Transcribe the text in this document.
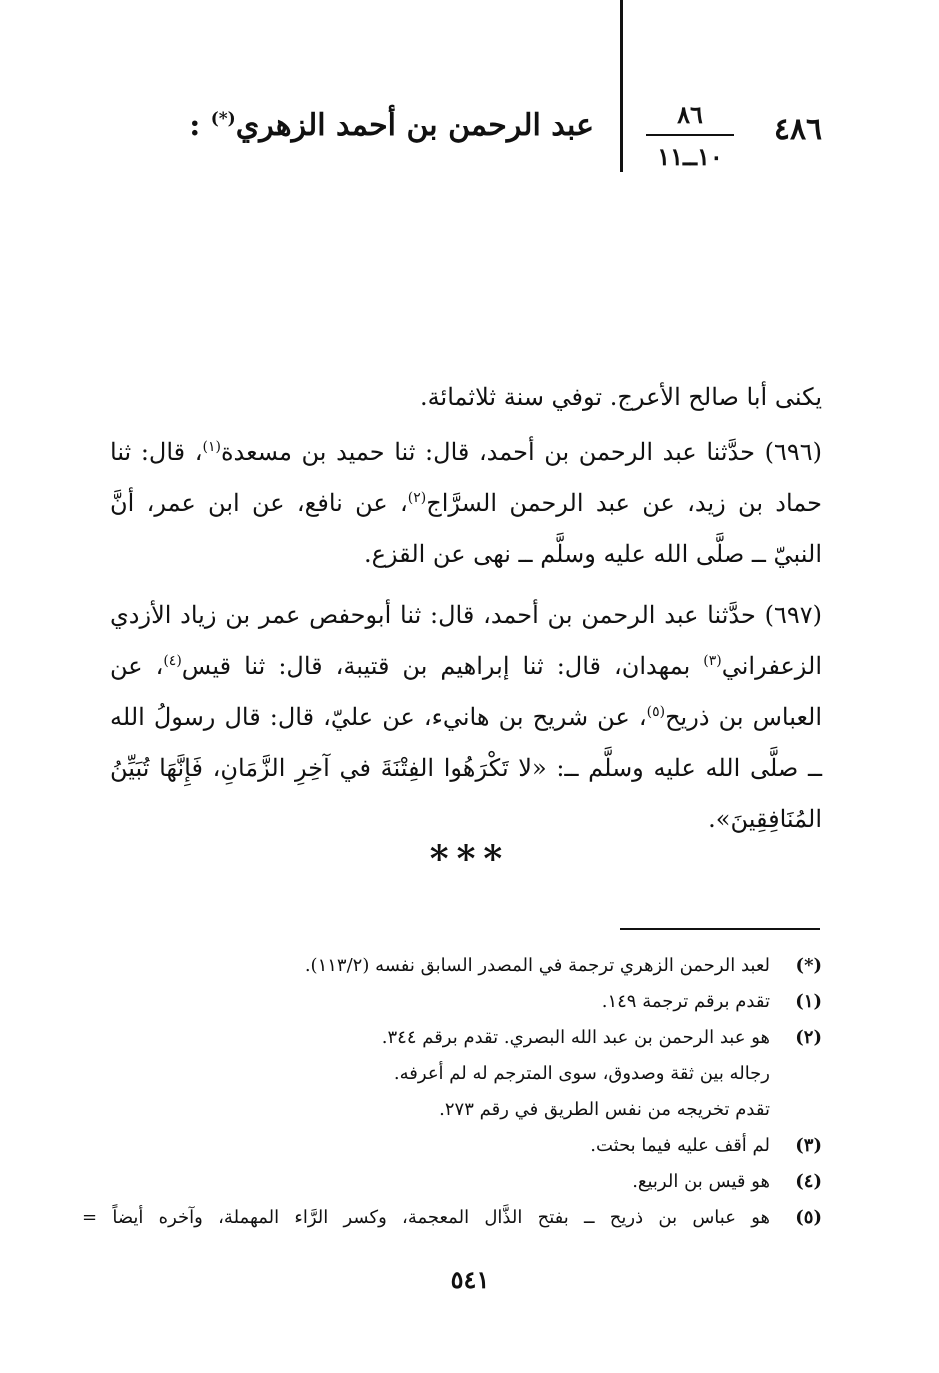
٤٨٦
٨٦
١٠ــ١١
عبد الرحمن بن أحمد الزهري(*) :

يكنى أبا صالح الأعرج. توفي سنة ثلاثمائة.

(٦٩٦) حدَّثنا عبد الرحمن بن أحمد، قال: ثنا حميد بن مسعدة$^{(١)}$، قال: ثنا حماد بن زيد، عن عبد الرحمن السرَّاج$^{(٢)}$، عن نافع، عن ابن عمر، أنَّ النبيّ ــ صلَّى الله عليه وسلَّم ــ نهى عن القزع.

(٦٩٧) حدَّثنا عبد الرحمن بن أحمد، قال: ثنا أبوحفص عمر بن زياد الأزدي الزعفراني$^{(٣)}$ بمهدان، قال: ثنا إبراهيم بن قتيبة، قال: ثنا قيس$^{(٤)}$، عن العباس بن ذريح$^{(٥)}$، عن شريح بن هانيء، عن عليّ، قال: قال رسولُ الله ــ صلَّى الله عليه وسلَّم ــ: «لا تَكْرَهُوا الفِتْنَةَ في آخِرِ الزَّمَانِ، فَإِنَّهَا تُبَيِّنُ المُنَافِقِينَ».

***
(*)
لعبد الرحمن الزهري ترجمة في المصدر السابق نفسه (١١٣/٢).
(١)
تقدم برقم ترجمة ١٤٩.
(٢)
هو عبد الرحمن بن عبد الله البصري. تقدم برقم ٣٤٤.
رجاله بين ثقة وصدوق، سوى المترجم له لم أعرفه.
تقدم تخريجه من نفس الطريق في رقم ٢٧٣.
(٣)
لم أقف عليه فيما بحثت.
(٤)
هو قيس بن الربيع.
(٥)
هو عباس بن ذريح ــ بفتح الذَّال المعجمة، وكسر الرَّاء المهملة، وآخره أيضاً =
٥٤١
